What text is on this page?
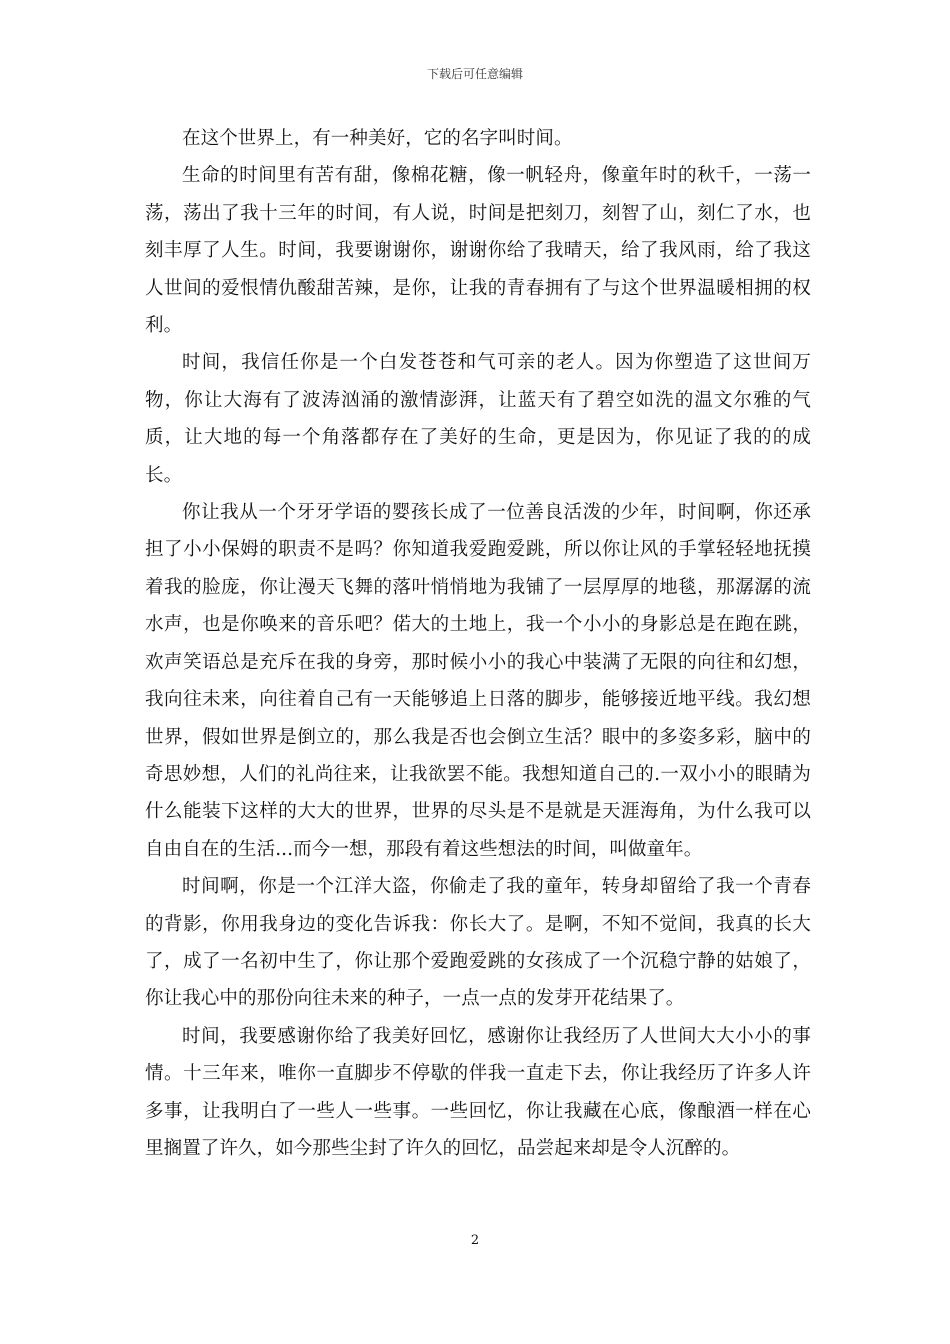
下载后可任意编辑

在这个世界上，有一种美好，它的名字叫时间。

生命的时间里有苦有甜，像棉花糖，像一帆轻舟，像童年时的秋千，一荡一荡，荡出了我十三年的时间，有人说，时间是把刻刀，刻智了山，刻仁了水，也刻丰厚了人生。时间，我要谢谢你，谢谢你给了我晴天，给了我风雨，给了我这人世间的爱恨情仇酸甜苦辣，是你，让我的青春拥有了与这个世界温暖相拥的权利。

时间，我信任你是一个白发苍苍和气可亲的老人。因为你塑造了这世间万物，你让大海有了波涛汹涌的激情澎湃，让蓝天有了碧空如洗的温文尔雅的气质，让大地的每一个角落都存在了美好的生命，更是因为，你见证了我的的成长。

你让我从一个牙牙学语的婴孩长成了一位善良活泼的少年，时间啊，你还承担了小小保姆的职责不是吗？你知道我爱跑爱跳，所以你让风的手掌轻轻地抚摸着我的脸庞，你让漫天飞舞的落叶悄悄地为我铺了一层厚厚的地毯，那潺潺的流水声，也是你唤来的音乐吧？偌大的土地上，我一个小小的身影总是在跑在跳，欢声笑语总是充斥在我的身旁，那时候小小的我心中装满了无限的向往和幻想，我向往未来，向往着自己有一天能够追上日落的脚步，能够接近地平线。我幻想世界，假如世界是倒立的，那么我是否也会倒立生活？眼中的多姿多彩，脑中的奇思妙想，人们的礼尚往来，让我欲罢不能。我想知道自己的.一双小小的眼睛为什么能装下这样的大大的世界，世界的尽头是不是就是天涯海角，为什么我可以自由自在的生活...而今一想，那段有着这些想法的时间，叫做童年。

时间啊，你是一个江洋大盗，你偷走了我的童年，转身却留给了我一个青春的背影，你用我身边的变化告诉我：你长大了。是啊，不知不觉间，我真的长大了，成了一名初中生了，你让那个爱跑爱跳的女孩成了一个沉稳宁静的姑娘了，你让我心中的那份向往未来的种子，一点一点的发芽开花结果了。

时间，我要感谢你给了我美好回忆，感谢你让我经历了人世间大大小小的事情。十三年来，唯你一直脚步不停歇的伴我一直走下去，你让我经历了许多人许多事，让我明白了一些人一些事。一些回忆，你让我藏在心底，像酿酒一样在心里搁置了许久，如今那些尘封了许久的回忆，品尝起来却是令人沉醉的。

2
